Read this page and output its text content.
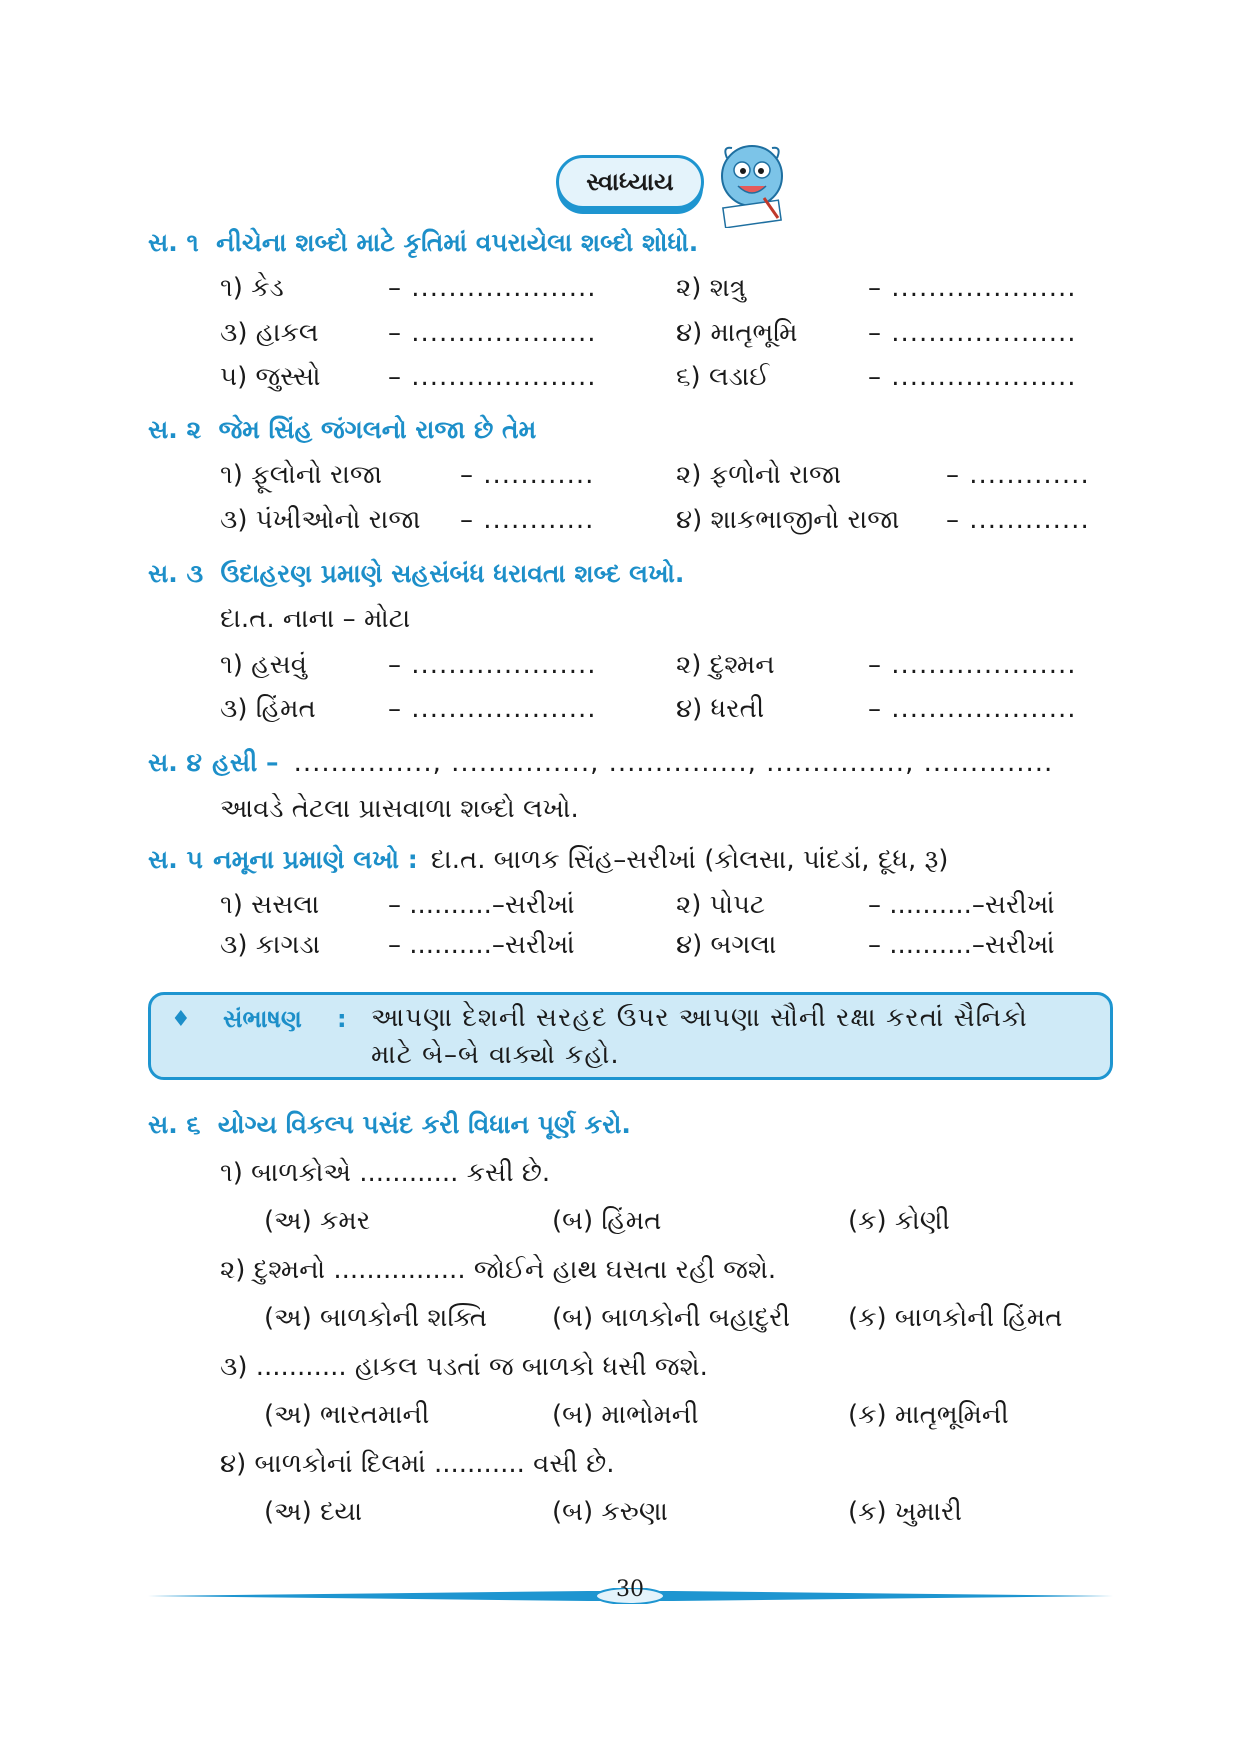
સ્વાધ્યાય
સ. ૧ નીચેના શબ્દો માટે કૃતિમાં વપરાયેલા શબ્દો શોધો.
૧) કેડ	– ....................	૨) શત્રુ	– ....................
૩) હાકલ	– ....................	૪) માતૃભૂમિ	– ....................
૫) જુસ્સો	– ....................	૬) લડાઈ	– ....................
સ. ૨ જેમ સિંહ જંગલનો રાજા છે તેમ
૧) ફૂલોનો રાજા	– ............	૨) ફળોનો રાજા	– .............
૩) પંખીઓનો રાજા – ............	૪) શાકભાજીનો રાજા – .............
સ. ૩ ઉદાહરણ પ્રમાણે સહસંબંધ ધરાવતા શબ્દ લખો.
દા.ત. નાના – મોટા
૧) હસવું	– ....................	૨) દુશ્મન	– ....................
૩) હિંમત	– ....................	૪) ધરતી	– ....................
સ. ૪ હસી – ..............., ..............., ..............., ..............., ..............
આવડે તેટલા પ્રાસવાળા શબ્દો લખો.
સ. ૫ નમૂના પ્રમાણે લખો : દા.ત. બાળક સિંહ–સરીખાં (કોલસા, પાંદડાં, દૂધ, રૂ)
૧) સસલા	– ..........–સરીખાં	૨) પોપટ	– ..........–સરીખાં
૩) કાગડા	– ..........–સરીખાં	૪) બગલા	– ..........–સરીખાં
♦ સંભાષણ : આપણા દેશની સરહદ ઉપર આપણા સૌની રક્ષા કરતાં સૈનિકો
માટે બે–બે વાક્યો કહો.
સ. ૬ યોગ્ય વિકલ્પ પસંદ કરી વિધાન પૂર્ણ કરો.
૧) બાળકોએ ............ કસી છે.
(અ) કમર	(બ) હિંમત	(ક) કોણી
૨) દુશ્મનો ................ જોઈને હાથ ઘસતા રહી જશે.
(અ) બાળકોની શક્તિ	(બ) બાળકોની બહાદુરી (ક) બાળકોની હિંમત
૩) ........... હાકલ પડતાં જ બાળકો ધસી જશે.
(અ) ભારતમાની	(બ) માભોમની	(ક) માતૃભૂમિની
૪) બાળકોનાં દિલમાં ........... વસી છે.
(અ) દયા	(બ) કરુણા	(ક) ખુમારી
30
